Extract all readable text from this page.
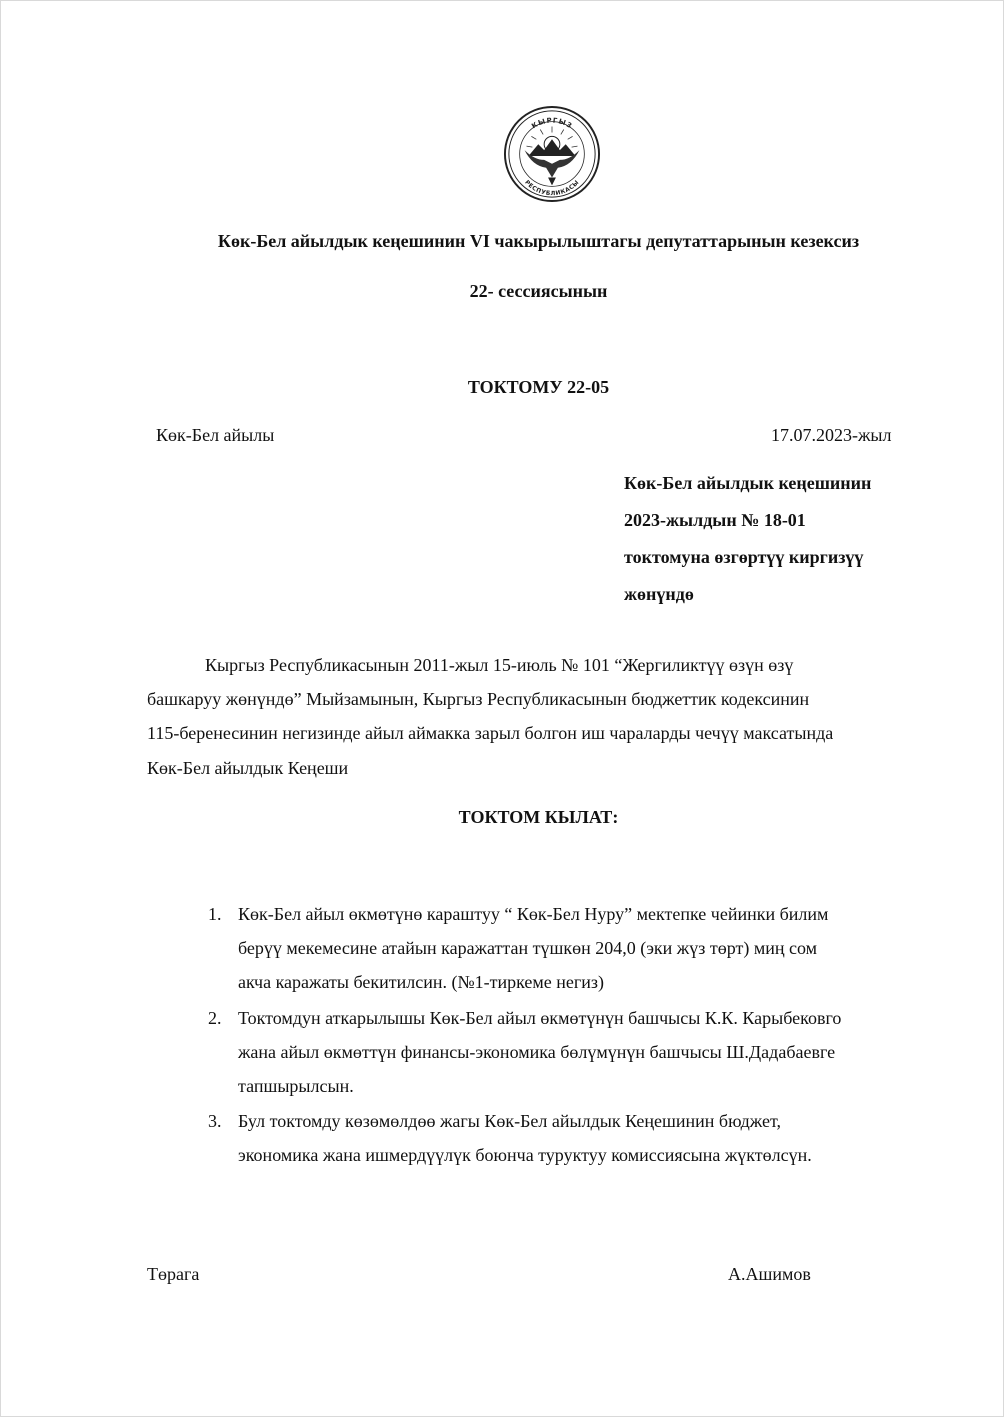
КЫРГЫЗ
РЕСПУБЛИКАСЫ
Көк-Бел айылдык кеңешинин VI чакырылыштагы депутаттарынын кезексиз
22- сессиясынын
ТОКТОМУ 22-05
Көк-Бел айылы	17.07.2023-жыл
Көк-Бел айылдык кеңешинин
2023-жылдын № 18-01
токтомуна өзгөртүү киргизүү
жөнүндө
Кыргыз Республикасынын 2011-жыл 15-июль № 101 “Жергиликтүү өзүн өзү
башкаруу жөнүндө” Мыйзамынын, Кыргыз Республикасынын бюджеттик кодексинин
115-беренесинин негизинде айыл аймакка зарыл болгон иш чараларды чечүү максатында
Көк-Бел айылдык Кеңеши
ТОКТОМ КЫЛАТ:
1. Көк-Бел айыл өкмөтүнө караштуу “ Көк-Бел Нуру” мектепке чейинки билим
берүү мекемесине атайын каражаттан түшкөн 204,0 (эки жүз төрт) миң сом
акча каражаты бекитилсин. (№1-тиркеме негиз)
2. Токтомдун аткарылышы Көк-Бел айыл өкмөтүнүн башчысы К.К. Карыбековго
жана айыл өкмөттүн финансы-экономика бөлүмүнүн башчысы Ш.Дадабаевге
тапшырылсын.
3. Бул токтомду көзөмөлдөө жагы Көк-Бел айылдык Кеңешинин бюджет,
экономика жана ишмердүүлүк боюнча туруктуу комиссиясына жүктөлсүн.
Төрага	А.Ашимов
